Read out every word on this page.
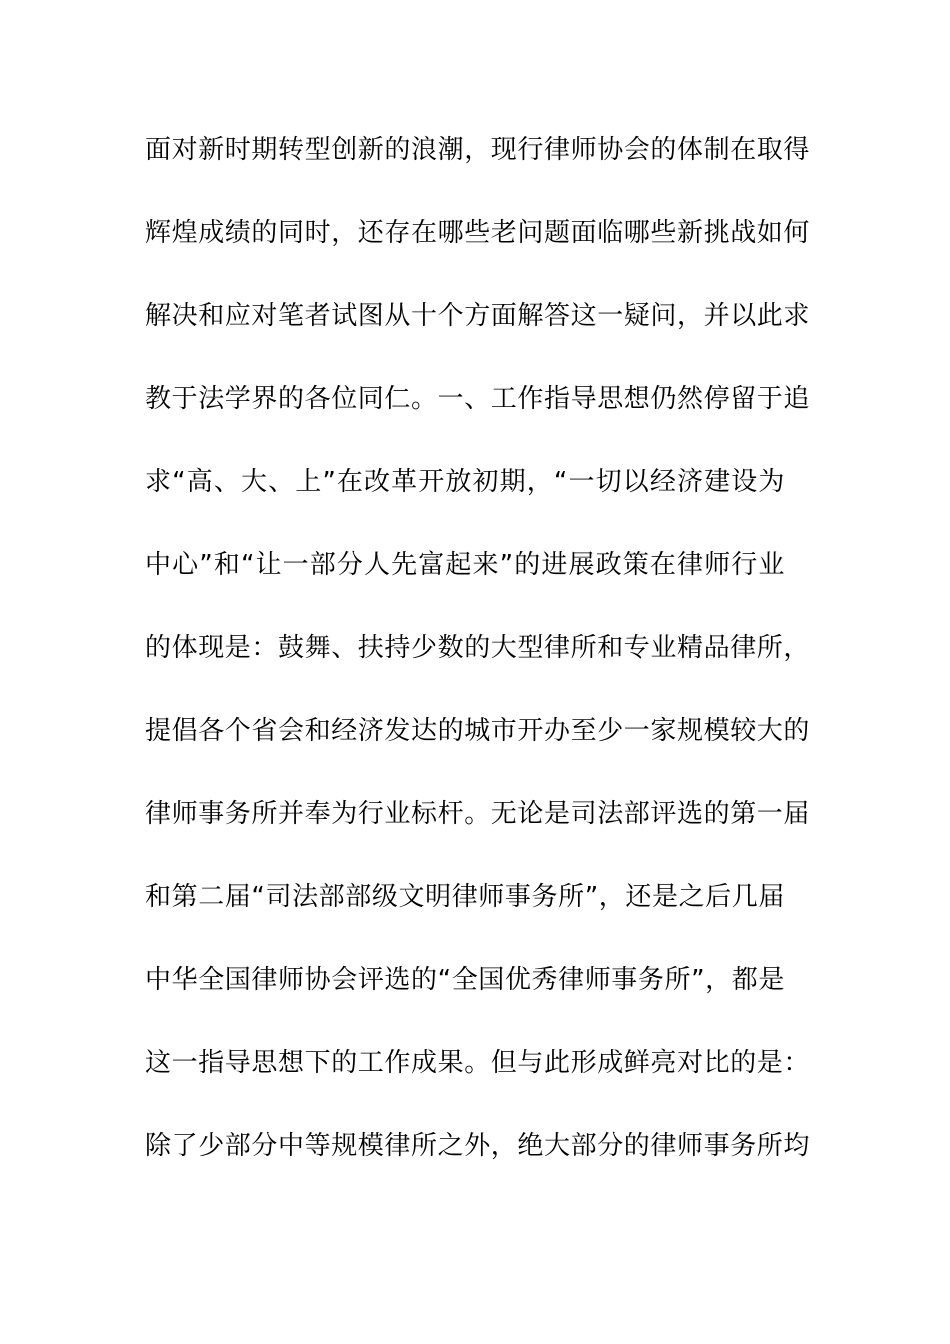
面对新时期转型创新的浪潮，现行律师协会的体制在取得
辉煌成绩的同时，还存在哪些老问题面临哪些新挑战如何
解决和应对笔者试图从十个方面解答这一疑问，并以此求
教于法学界的各位同仁。一、工作指导思想仍然停留于追
求“高、大、上”在改革开放初期，“一切以经济建设为
中心”和“让一部分人先富起来”的进展政策在律师行业
的体现是：鼓舞、扶持少数的大型律所和专业精品律所，
提倡各个省会和经济发达的城市开办至少一家规模较大的
律师事务所并奉为行业标杆。无论是司法部评选的第一届
和第二届“司法部部级文明律师事务所”，还是之后几届
中华全国律师协会评选的“全国优秀律师事务所”，都是
这一指导思想下的工作成果。但与此形成鲜亮对比的是：
除了少部分中等规模律所之外，绝大部分的律师事务所均
